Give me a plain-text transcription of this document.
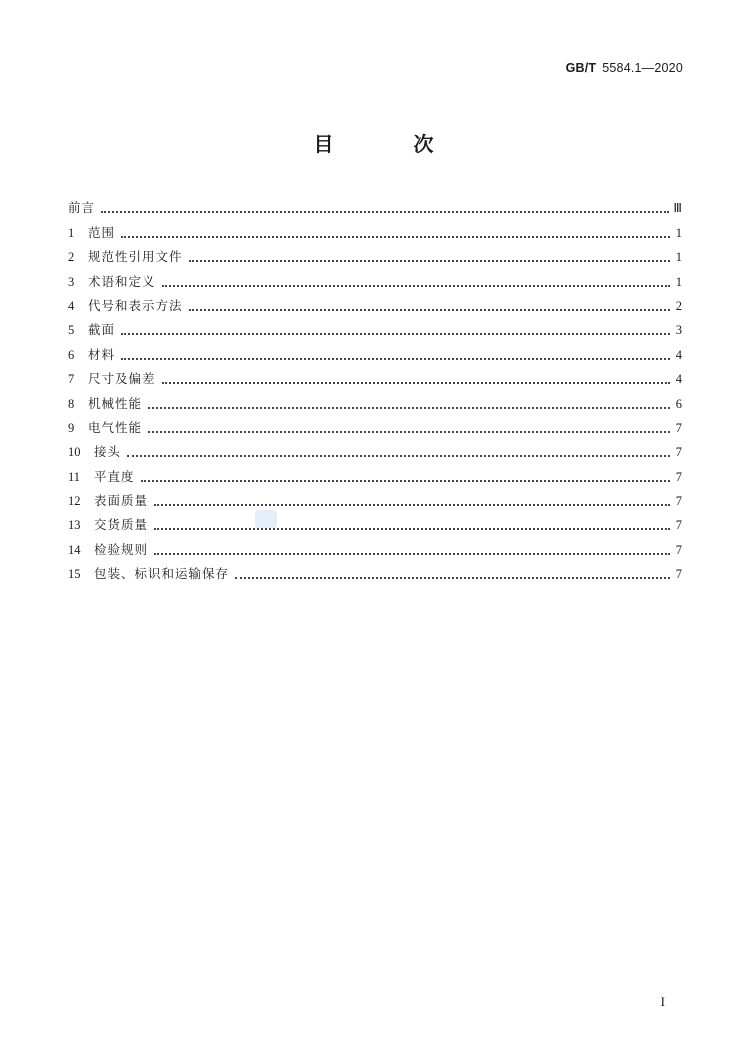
GB/T 5584.1—2020
目　次
前言	Ⅲ
1	范围	1
2	规范性引用文件	1
3	术语和定义	1
4	代号和表示方法	2
5	截面	3
6	材料	4
7	尺寸及偏差	4
8	机械性能	6
9	电气性能	7
10	接头	7
11	平直度	7
12	表面质量	7
13	交货质量	7
14	检验规则	7
15	包装、标识和运输保存	7
I
